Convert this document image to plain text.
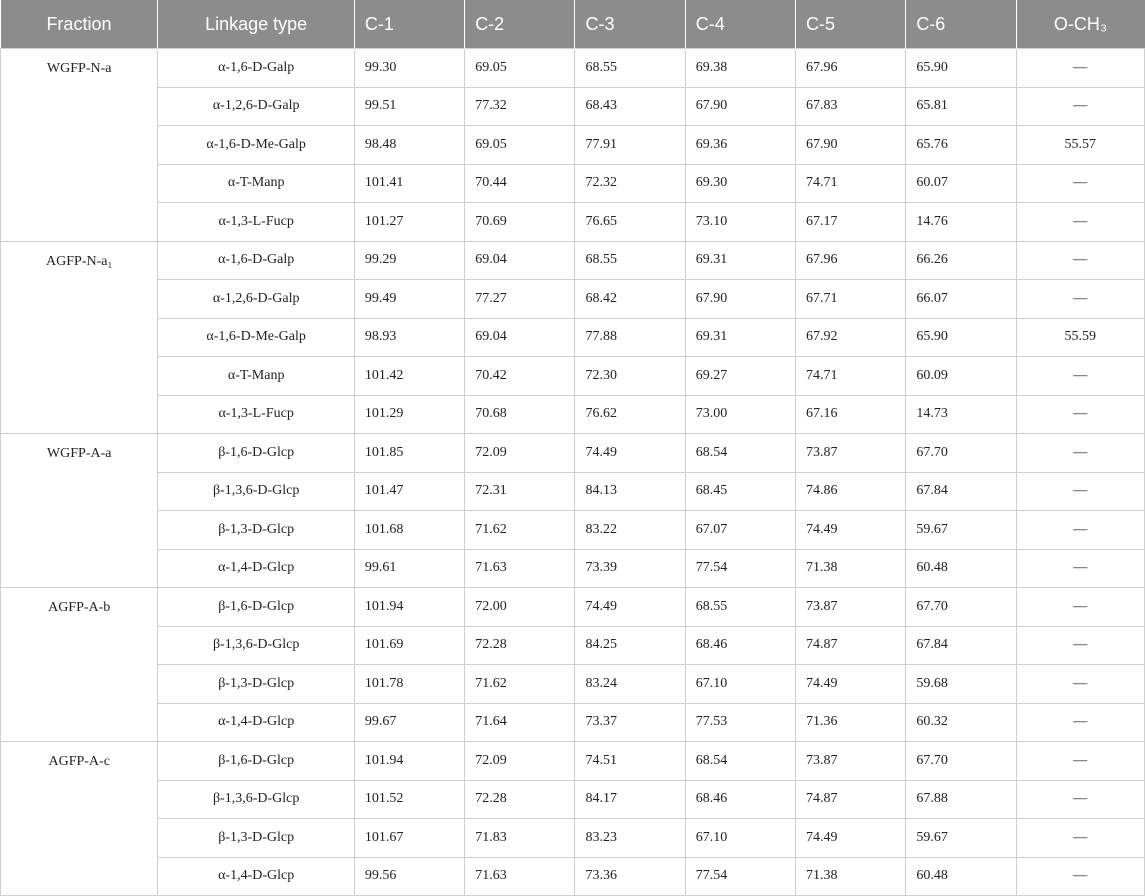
Fraction	Linkage type	C-1	C-2	C-3	C-4	C-5	C-6	O-CH₃
WGFP-N-a	α-1,6-D-Galp	99.30	69.05	68.55	69.38	67.96	65.90	—
	α-1,2,6-D-Galp	99.51	77.32	68.43	67.90	67.83	65.81	—
	α-1,6-D-Me-Galp	98.48	69.05	77.91	69.36	67.90	65.76	55.57
	α-T-Manp	101.41	70.44	72.32	69.30	74.71	60.07	—
	α-1,3-L-Fucp	101.27	70.69	76.65	73.10	67.17	14.76	—
AGFP-N-a₁	α-1,6-D-Galp	99.29	69.04	68.55	69.31	67.96	66.26	—
	α-1,2,6-D-Galp	99.49	77.27	68.42	67.90	67.71	66.07	—
	α-1,6-D-Me-Galp	98.93	69.04	77.88	69.31	67.92	65.90	55.59
	α-T-Manp	101.42	70.42	72.30	69.27	74.71	60.09	—
	α-1,3-L-Fucp	101.29	70.68	76.62	73.00	67.16	14.73	—
WGFP-A-a	β-1,6-D-Glcp	101.85	72.09	74.49	68.54	73.87	67.70	—
	β-1,3,6-D-Glcp	101.47	72.31	84.13	68.45	74.86	67.84	—
	β-1,3-D-Glcp	101.68	71.62	83.22	67.07	74.49	59.67	—
	α-1,4-D-Glcp	99.61	71.63	73.39	77.54	71.38	60.48	—
AGFP-A-b	β-1,6-D-Glcp	101.94	72.00	74.49	68.55	73.87	67.70	—
	β-1,3,6-D-Glcp	101.69	72.28	84.25	68.46	74.87	67.84	—
	β-1,3-D-Glcp	101.78	71.62	83.24	67.10	74.49	59.68	—
	α-1,4-D-Glcp	99.67	71.64	73.37	77.53	71.36	60.32	—
AGFP-A-c	β-1,6-D-Glcp	101.94	72.09	74.51	68.54	73.87	67.70	—
	β-1,3,6-D-Glcp	101.52	72.28	84.17	68.46	74.87	67.88	—
	β-1,3-D-Glcp	101.67	71.83	83.23	67.10	74.49	59.67	—
	α-1,4-D-Glcp	99.56	71.63	73.36	77.54	71.38	60.48	—
